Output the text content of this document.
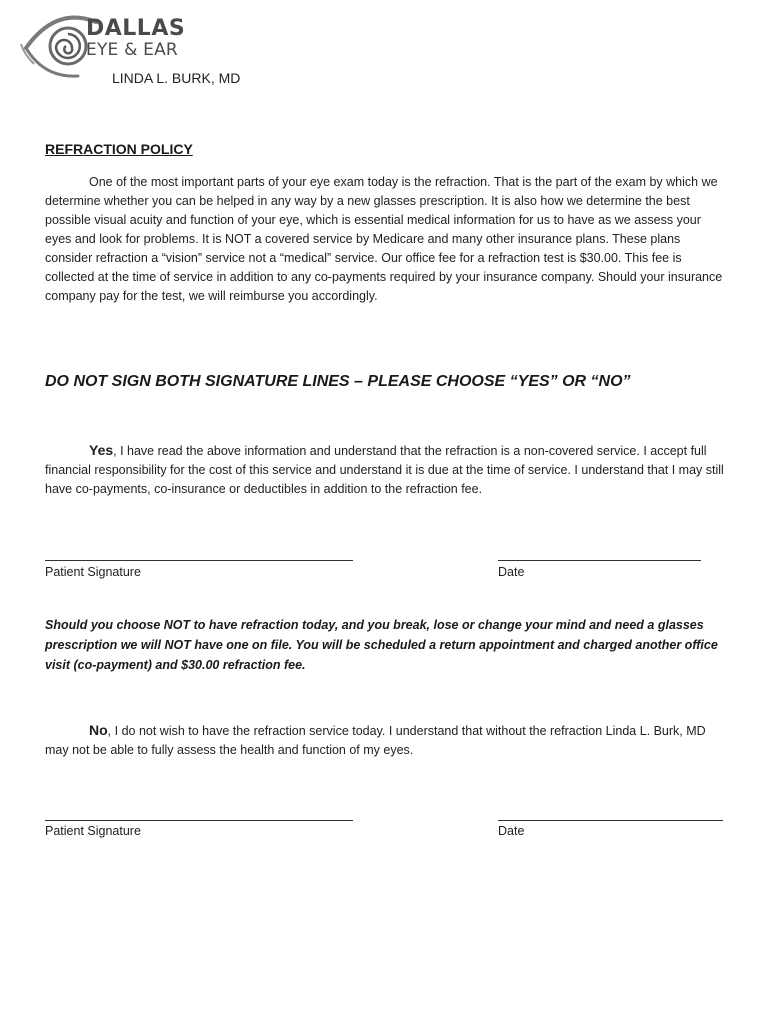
DALLAS
EYE & EAR
LINDA L. BURK, MD
REFRACTION POLICY
One of the most important parts of your eye exam today is the refraction. That is the part of the exam by which we determine whether you can be helped in any way by a new glasses prescription. It is also how we determine the best possible visual acuity and function of your eye, which is essential medical information for us to have as we assess your eyes and look for problems. It is NOT a covered service by Medicare and many other insurance plans. These plans consider refraction a “vision” service not a “medical” service. Our office fee for a refraction test is $30.00. This fee is collected at the time of service in addition to any co-payments required by your insurance company. Should your insurance company pay for the test, we will reimburse you accordingly.
DO NOT SIGN BOTH SIGNATURE LINES – PLEASE CHOOSE “YES” OR “NO”
Yes, I have read the above information and understand that the refraction is a non-covered service. I accept full financial responsibility for the cost of this service and understand it is due at the time of service. I understand that I may still have co-payments, co-insurance or deductibles in addition to the refraction fee.
Patient Signature	Date
Should you choose NOT to have refraction today, and you break, lose or change your mind and need a glasses prescription we will NOT have one on file. You will be scheduled a return appointment and charged another office visit (co-payment) and $30.00 refraction fee.
No, I do not wish to have the refraction service today. I understand that without the refraction Linda L. Burk, MD may not be able to fully assess the health and function of my eyes.
Patient Signature	Date
